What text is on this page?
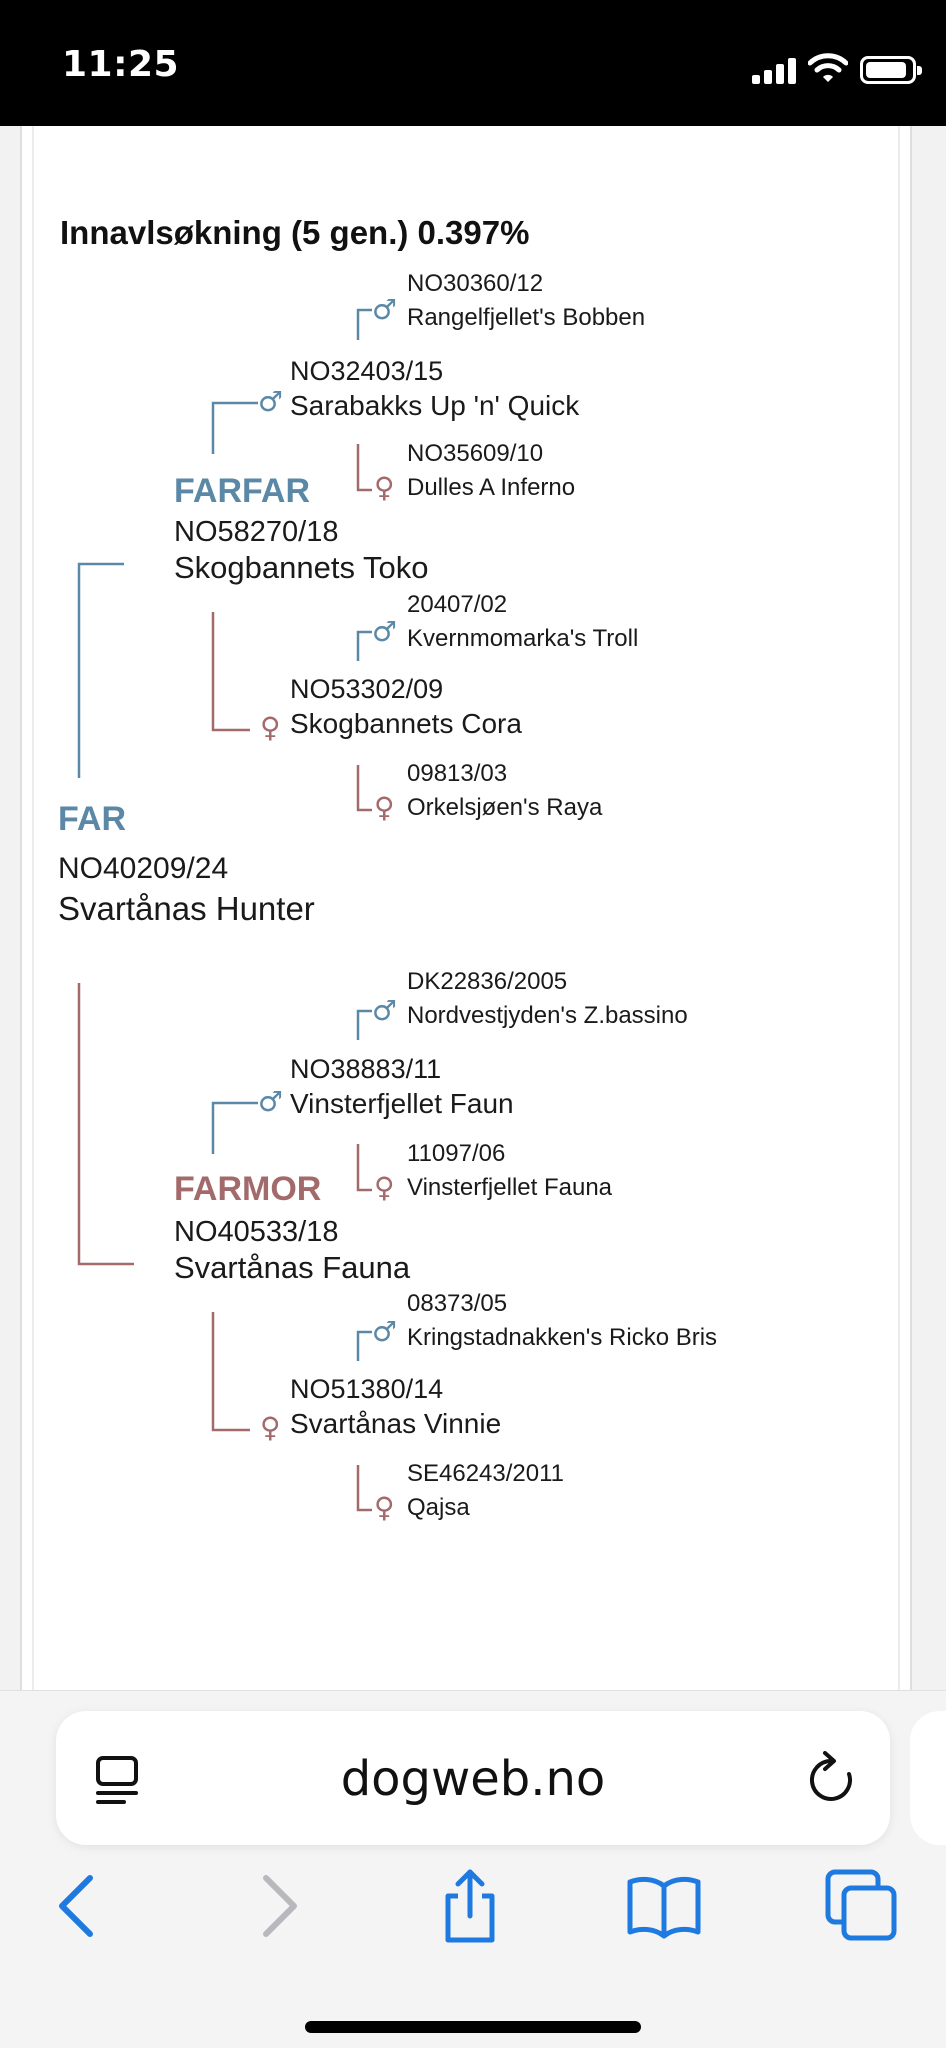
11:25
Innavlsøkning (5 gen.) 0.397%
FAR
NO40209/24
Svartånas Hunter
FARFAR
NO58270/18
Skogbannets Toko
FARMOR
NO40533/18
Svartånas Fauna
♂
NO32403/15
Sarabakks Up 'n' Quick
♀
NO53302/09
Skogbannets Cora
♂
NO38883/11
Vinsterfjellet Faun
♀
NO51380/14
Svartånas Vinnie
♂
NO30360/12
Rangelfjellet's Bobben
♀
NO35609/10
Dulles A Inferno
♂
20407/02
Kvernmomarka's Troll
♀
09813/03
Orkelsjøen's Raya
♂
DK22836/2005
Nordvestjyden's Z.bassino
♀
11097/06
Vinsterfjellet Fauna
♂
08373/05
Kringstadnakken's Ricko Bris
♀
SE46243/2011
Qajsa
dogweb.no
